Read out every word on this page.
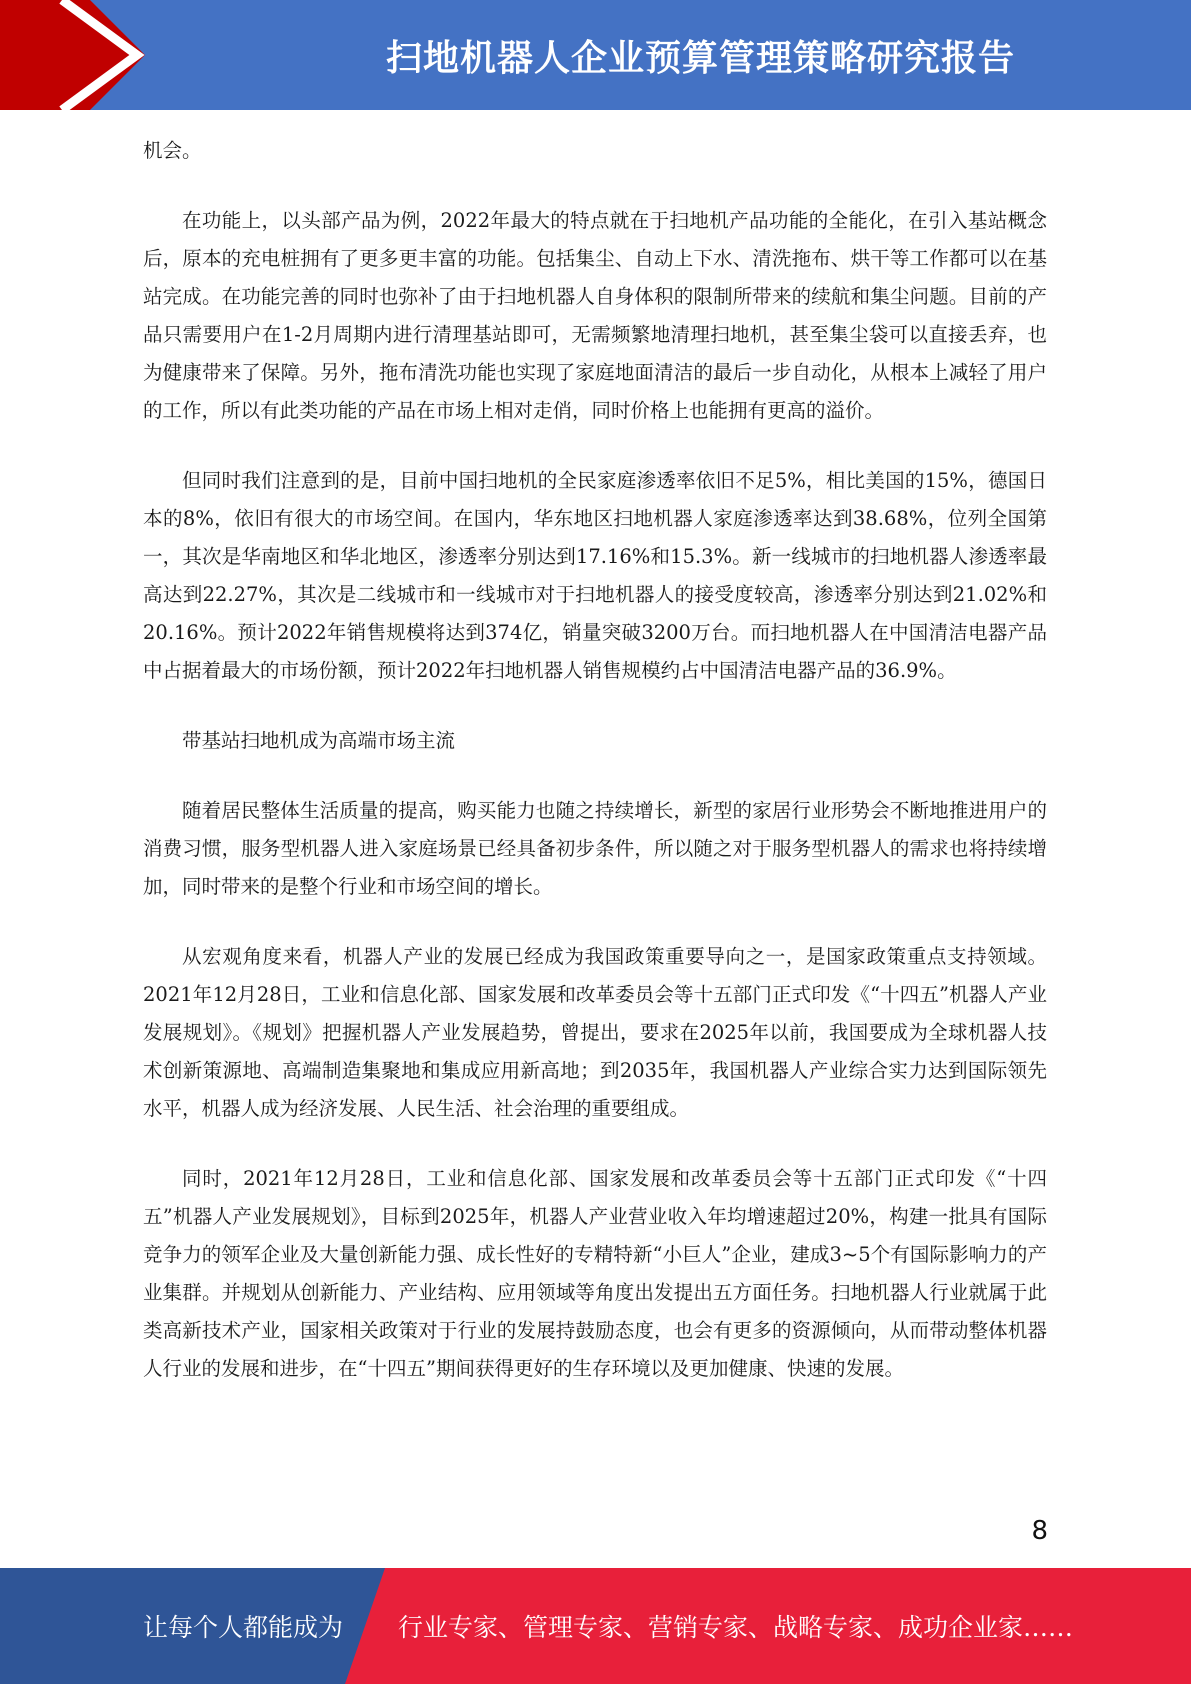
扫地机器人企业预算管理策略研究报告

机会。

在功能上，以头部产品为例，2022年最大的特点就在于扫地机产品功能的全能化，在引入基站概念后，原本的充电桩拥有了更多更丰富的功能。包括集尘、自动上下水、清洗拖布、烘干等工作都可以在基站完成。在功能完善的同时也弥补了由于扫地机器人自身体积的限制所带来的续航和集尘问题。目前的产品只需要用户在1-2月周期内进行清理基站即可，无需频繁地清理扫地机，甚至集尘袋可以直接丢弃，也为健康带来了保障。另外，拖布清洗功能也实现了家庭地面清洁的最后一步自动化，从根本上减轻了用户的工作，所以有此类功能的产品在市场上相对走俏，同时价格上也能拥有更高的溢价。

但同时我们注意到的是，目前中国扫地机的全民家庭渗透率依旧不足5%，相比美国的15%，德国日本的8%，依旧有很大的市场空间。在国内，华东地区扫地机器人家庭渗透率达到38.68%，位列全国第一，其次是华南地区和华北地区，渗透率分别达到17.16%和15.3%。新一线城市的扫地机器人渗透率最高达到22.27%，其次是二线城市和一线城市对于扫地机器人的接受度较高，渗透率分别达到21.02%和20.16%。预计2022年销售规模将达到374亿，销量突破3200万台。而扫地机器人在中国清洁电器产品中占据着最大的市场份额，预计2022年扫地机器人销售规模约占中国清洁电器产品的36.9%。

带基站扫地机成为高端市场主流

随着居民整体生活质量的提高，购买能力也随之持续增长，新型的家居行业形势会不断地推进用户的消费习惯，服务型机器人进入家庭场景已经具备初步条件，所以随之对于服务型机器人的需求也将持续增加，同时带来的是整个行业和市场空间的增长。

从宏观角度来看，机器人产业的发展已经成为我国政策重要导向之一，是国家政策重点支持领域。2021年12月28日，工业和信息化部、国家发展和改革委员会等十五部门正式印发《“十四五”机器人产业发展规划》。《规划》把握机器人产业发展趋势，曾提出，要求在2025年以前，我国要成为全球机器人技术创新策源地、高端制造集聚地和集成应用新高地；到2035年，我国机器人产业综合实力达到国际领先水平，机器人成为经济发展、人民生活、社会治理的重要组成。

同时，2021年12月28日，工业和信息化部、国家发展和改革委员会等十五部门正式印发《“十四五”机器人产业发展规划》，目标到2025年，机器人产业营业收入年均增速超过20%，构建一批具有国际竞争力的领军企业及大量创新能力强、成长性好的专精特新“小巨人”企业，建成3~5个有国际影响力的产业集群。并规划从创新能力、产业结构、应用领域等角度出发提出五方面任务。扫地机器人行业就属于此类高新技术产业，国家相关政策对于行业的发展持鼓励态度，也会有更多的资源倾向，从而带动整体机器人行业的发展和进步，在“十四五”期间获得更好的生存环境以及更加健康、快速的发展。

8
让每个人都能成为 行业专家、管理专家、营销专家、战略专家、成功企业家……
